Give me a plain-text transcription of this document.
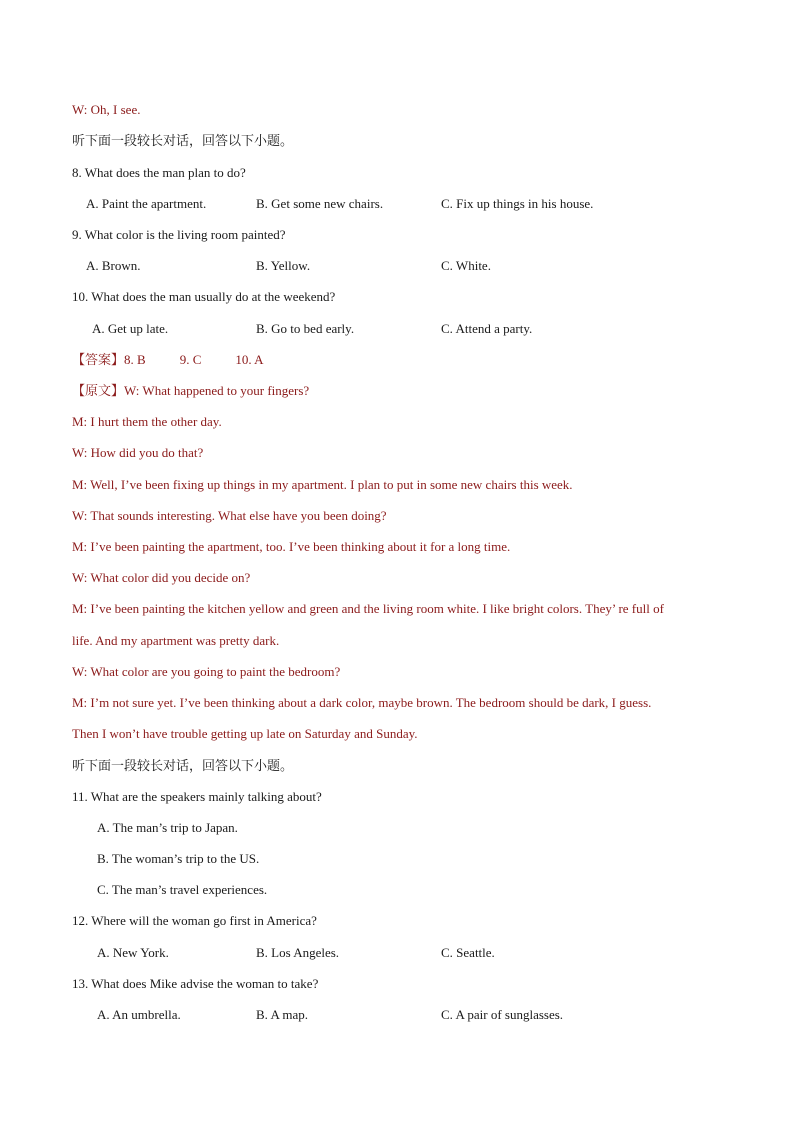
W: Oh, I see.
听下面一段较长对话，回答以下小题。
8. What does the man plan to do?
A. Paint the apartment.	B. Get some new chairs.	C. Fix up things in his house.
9. What color is the living room painted?
A. Brown.	B. Yellow.	C. White.
10. What does the man usually do at the weekend?
A. Get up late.	B. Go to bed early.	C. Attend a party.
【答案】8. B	9. C	10. A
【原文】W: What happened to your fingers?
M: I hurt them the other day.
W: How did you do that?
M: Well, I’ve been fixing up things in my apartment. I plan to put in some new chairs this week.
W: That sounds interesting. What else have you been doing?
M: I’ve been painting the apartment, too. I’ve been thinking about it for a long time.
W: What color did you decide on?
M: I’ve been painting the kitchen yellow and green and the living room white. I like bright colors. They’ re full of
life. And my apartment was pretty dark.
W: What color are you going to paint the bedroom?
M: I’m not sure yet. I’ve been thinking about a dark color, maybe brown. The bedroom should be dark, I guess.
Then I won’t have trouble getting up late on Saturday and Sunday.
听下面一段较长对话，回答以下小题。
11. What are the speakers mainly talking about?
A. The man’s trip to Japan.
B. The woman’s trip to the US.
C. The man’s travel experiences.
12. Where will the woman go first in America?
A. New York.	B. Los Angeles.	C. Seattle.
13. What does Mike advise the woman to take?
A. An umbrella.	B. A map.	C. A pair of sunglasses.
